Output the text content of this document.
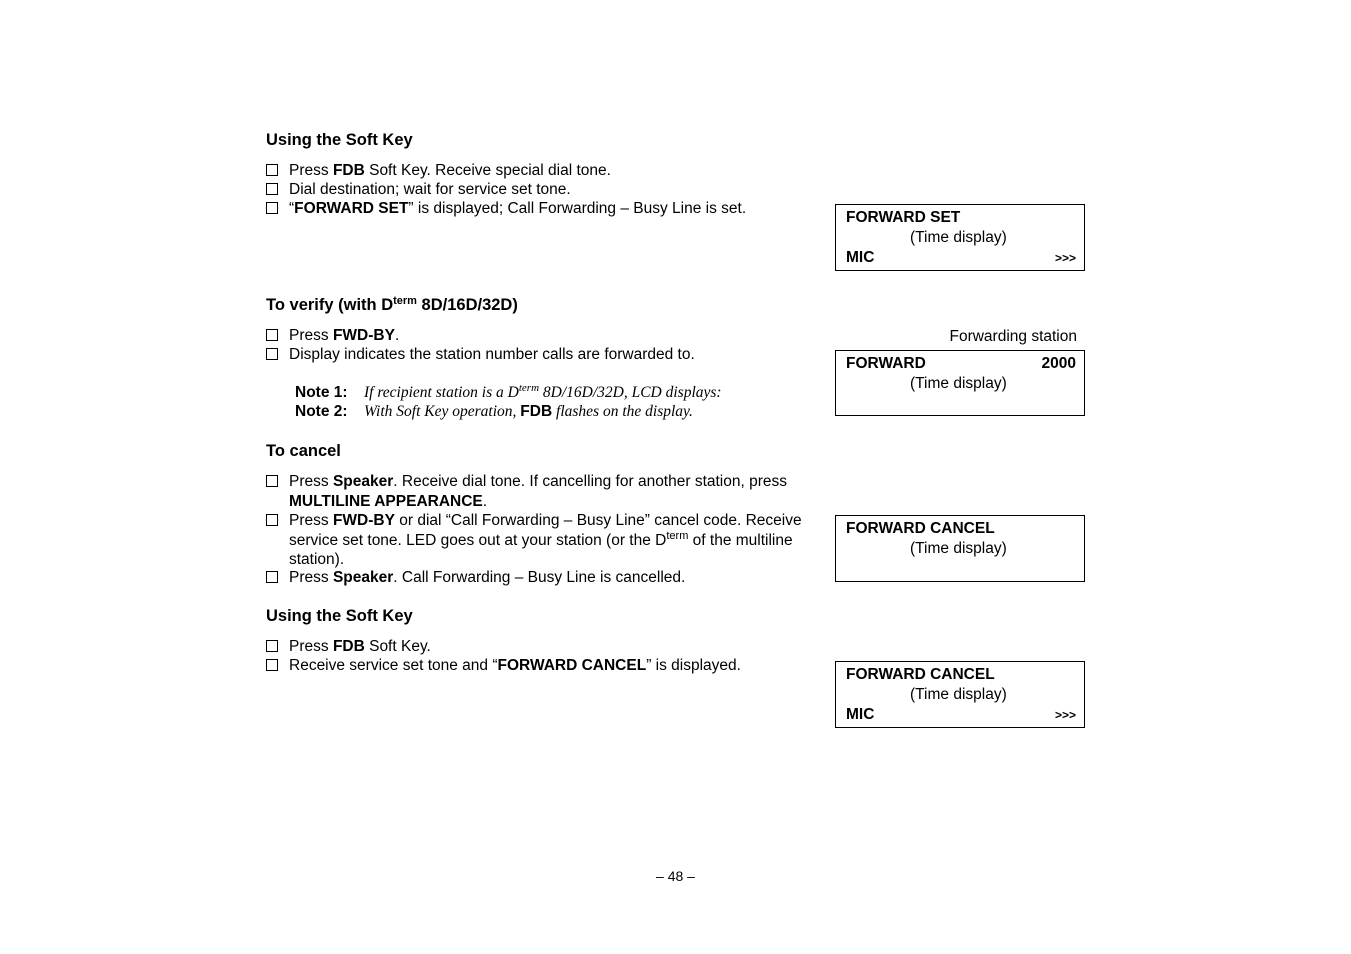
Using the Soft Key
Press FDB Soft Key. Receive special dial tone.
Dial destination; wait for service set tone.
“FORWARD SET” is displayed; Call Forwarding – Busy Line is set.
FORWARD SET
(Time display)
MIC	>>>
To verify (with $D^{term}$ 8D/16D/32D)
Press FWD-BY.
Display indicates the station number calls are forwarded to.
Note 1: If recipient station is a $D^{term}$ 8D/16D/32D, LCD displays:
Note 2: With Soft Key operation, FDB flashes on the display.
Forwarding station
FORWARD	2000
(Time display)
To cancel
Press Speaker. Receive dial tone. If cancelling for another station, press MULTILINE APPEARANCE.
Press FWD-BY or dial “Call Forwarding – Busy Line” cancel code. Receive service set tone. LED goes out at your station (or the $D^{term}$ of the multiline station).
Press Speaker. Call Forwarding – Busy Line is cancelled.
FORWARD CANCEL
(Time display)
Using the Soft Key
Press FDB Soft Key.
Receive service set tone and “FORWARD CANCEL” is displayed.
FORWARD CANCEL
(Time display)
MIC	>>>
– 48 –
